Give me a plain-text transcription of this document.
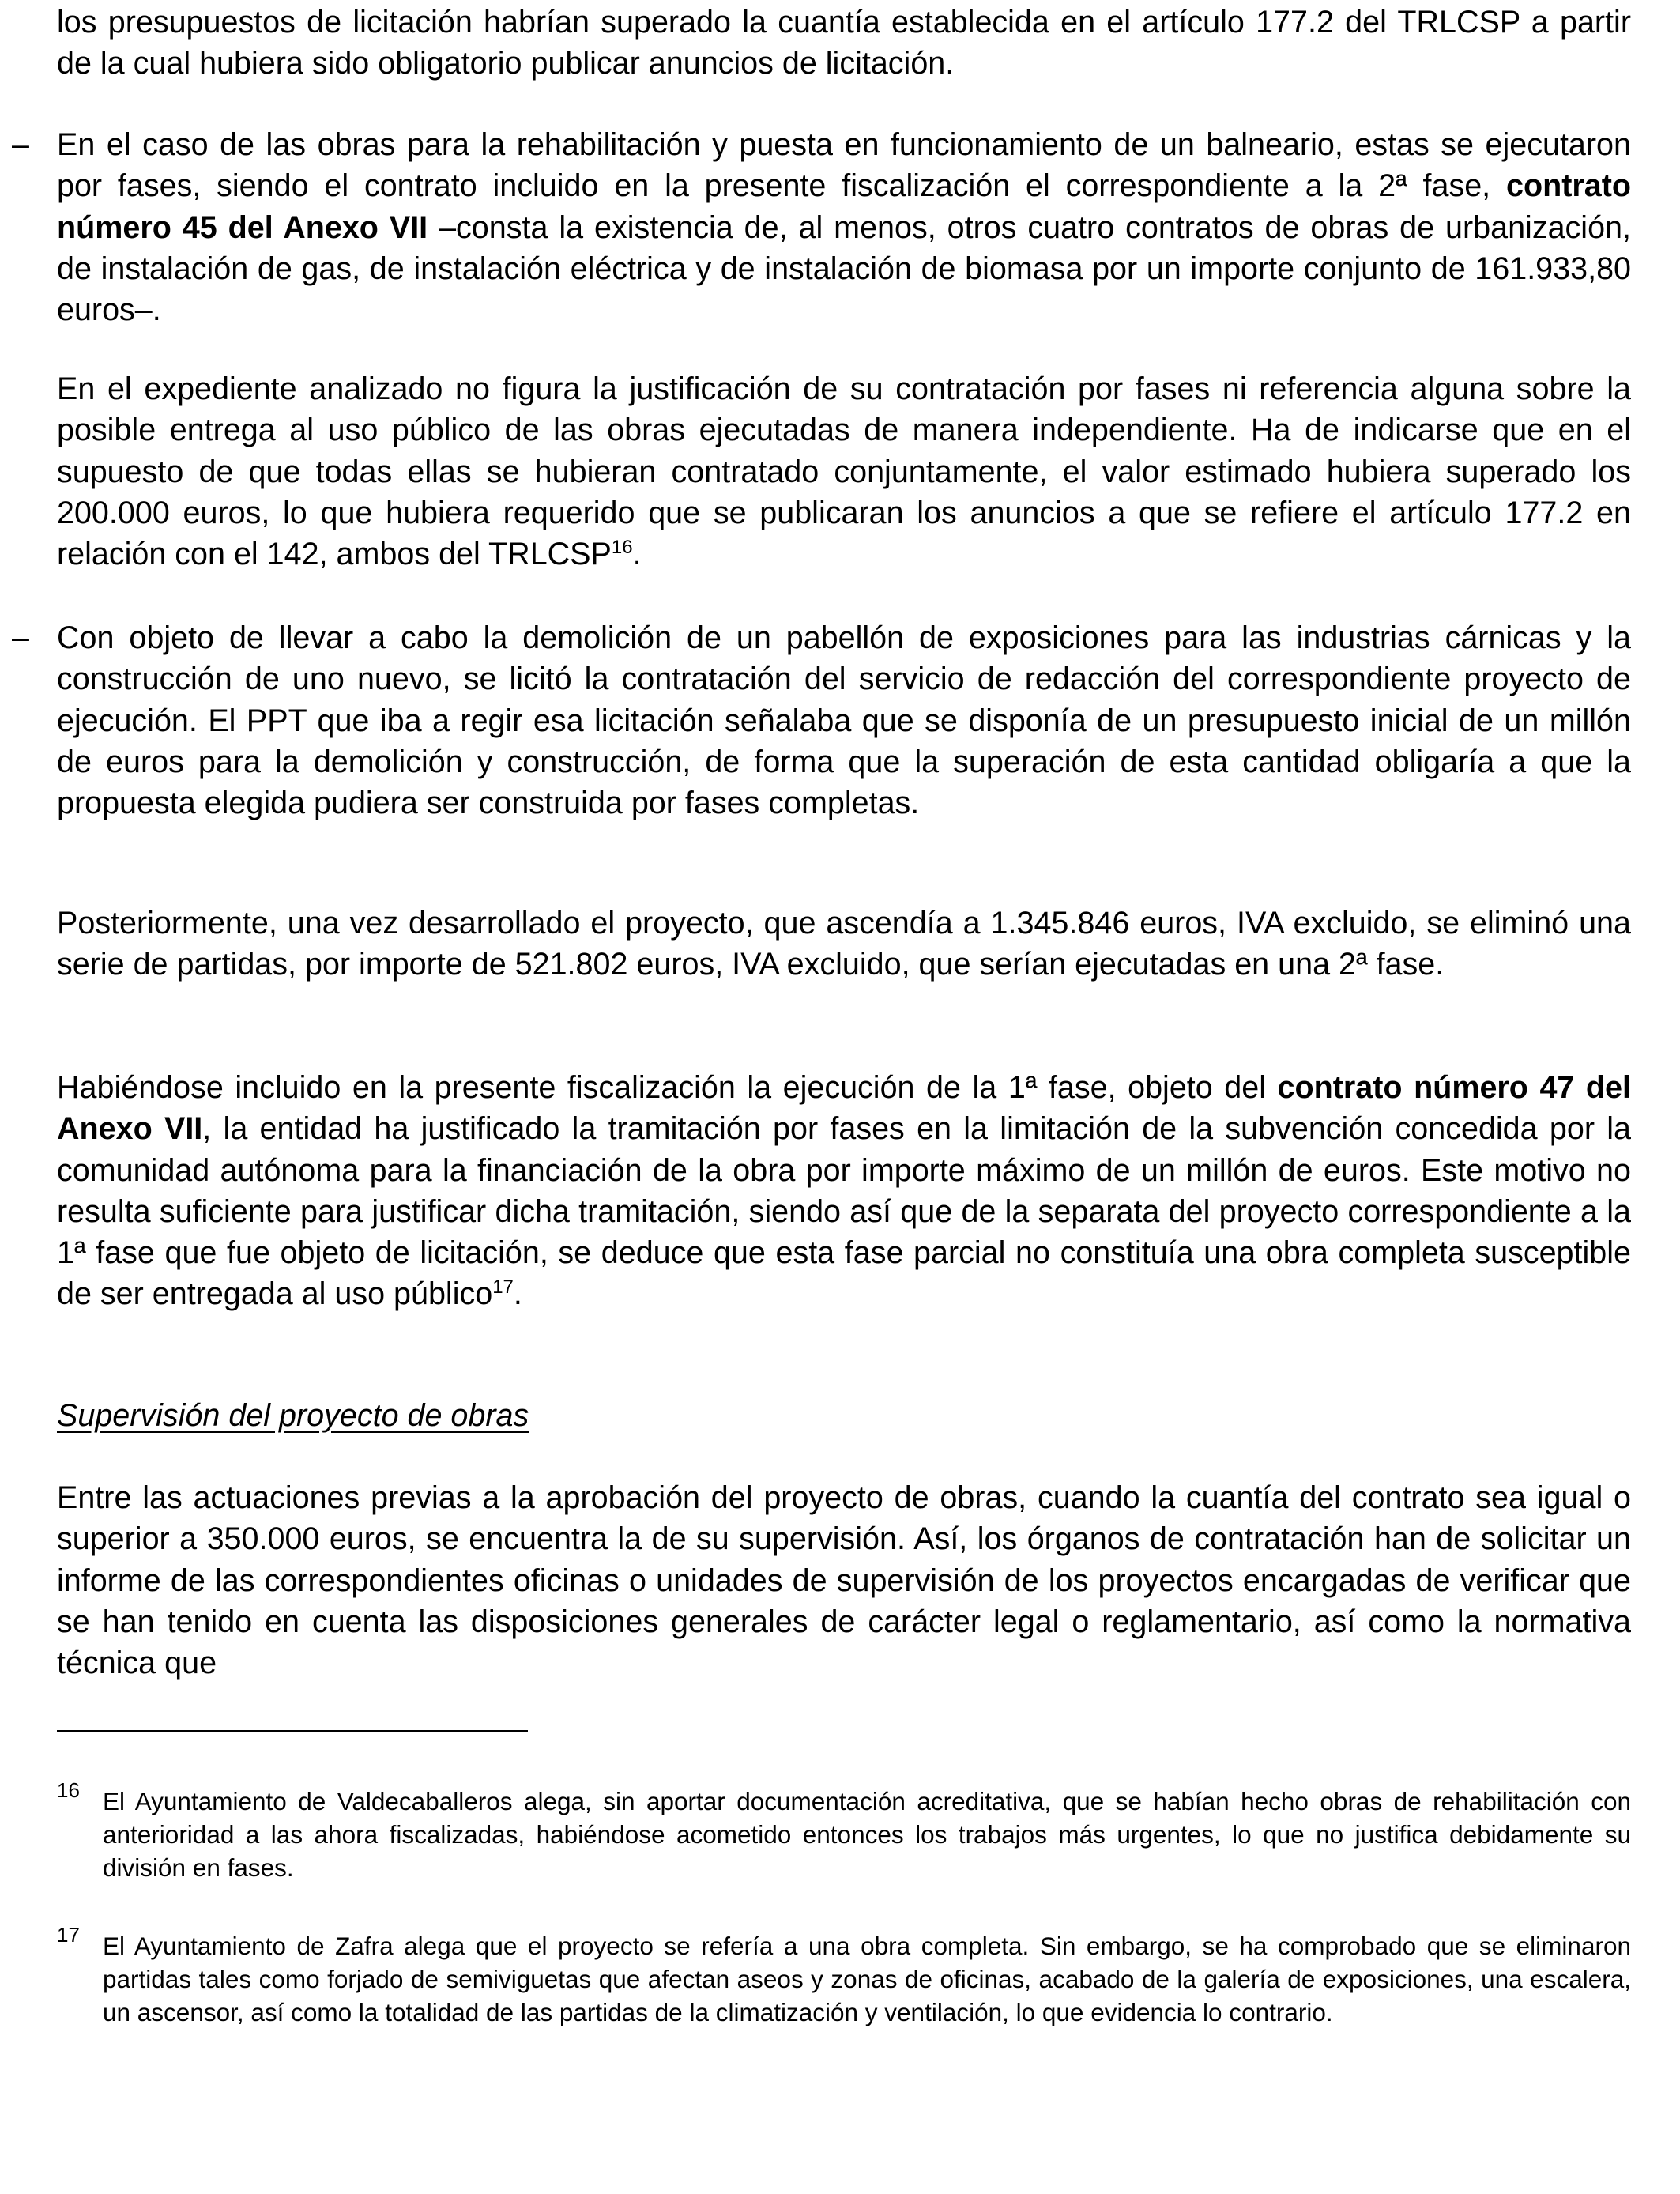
los presupuestos de licitación habrían superado la cuantía establecida en el artículo 177.2 del TRLCSP a partir de la cual hubiera sido obligatorio publicar anuncios de licitación.

– En el caso de las obras para la rehabilitación y puesta en funcionamiento de un balneario, estas se ejecutaron por fases, siendo el contrato incluido en la presente fiscalización el correspondiente a la 2ª fase, contrato número 45 del Anexo VII –consta la existencia de, al menos, otros cuatro contratos de obras de urbanización, de instalación de gas, de instalación eléctrica y de instalación de biomasa por un importe conjunto de 161.933,80 euros–.

En el expediente analizado no figura la justificación de su contratación por fases ni referencia alguna sobre la posible entrega al uso público de las obras ejecutadas de manera independiente. Ha de indicarse que en el supuesto de que todas ellas se hubieran contratado conjuntamente, el valor estimado hubiera superado los 200.000 euros, lo que hubiera requerido que se publicaran los anuncios a que se refiere el artículo 177.2 en relación con el 142, ambos del TRLCSP$^{16}$.

– Con objeto de llevar a cabo la demolición de un pabellón de exposiciones para las industrias cárnicas y la construcción de uno nuevo, se licitó la contratación del servicio de redacción del correspondiente proyecto de ejecución. El PPT que iba a regir esa licitación señalaba que se disponía de un presupuesto inicial de un millón de euros para la demolición y construcción, de forma que la superación de esta cantidad obligaría a que la propuesta elegida pudiera ser construida por fases completas.

Posteriormente, una vez desarrollado el proyecto, que ascendía a 1.345.846 euros, IVA excluido, se eliminó una serie de partidas, por importe de 521.802 euros, IVA excluido, que serían ejecutadas en una 2ª fase.

Habiéndose incluido en la presente fiscalización la ejecución de la 1ª fase, objeto del contrato número 47 del Anexo VII, la entidad ha justificado la tramitación por fases en la limitación de la subvención concedida por la comunidad autónoma para la financiación de la obra por importe máximo de un millón de euros. Este motivo no resulta suficiente para justificar dicha tramitación, siendo así que de la separata del proyecto correspondiente a la 1ª fase que fue objeto de licitación, se deduce que esta fase parcial no constituía una obra completa susceptible de ser entregada al uso público$^{17}$.

Supervisión del proyecto de obras

Entre las actuaciones previas a la aprobación del proyecto de obras, cuando la cuantía del contrato sea igual o superior a 350.000 euros, se encuentra la de su supervisión. Así, los órganos de contratación han de solicitar un informe de las correspondientes oficinas o unidades de supervisión de los proyectos encargadas de verificar que se han tenido en cuenta las disposiciones generales de carácter legal o reglamentario, así como la normativa técnica que

16 El Ayuntamiento de Valdecaballeros alega, sin aportar documentación acreditativa, que se habían hecho obras de rehabilitación con anterioridad a las ahora fiscalizadas, habiéndose acometido entonces los trabajos más urgentes, lo que no justifica debidamente su división en fases.

17 El Ayuntamiento de Zafra alega que el proyecto se refería a una obra completa. Sin embargo, se ha comprobado que se eliminaron partidas tales como forjado de semiviguetas que afectan aseos y zonas de oficinas, acabado de la galería de exposiciones, una escalera, un ascensor, así como la totalidad de las partidas de la climatización y ventilación, lo que evidencia lo contrario.
